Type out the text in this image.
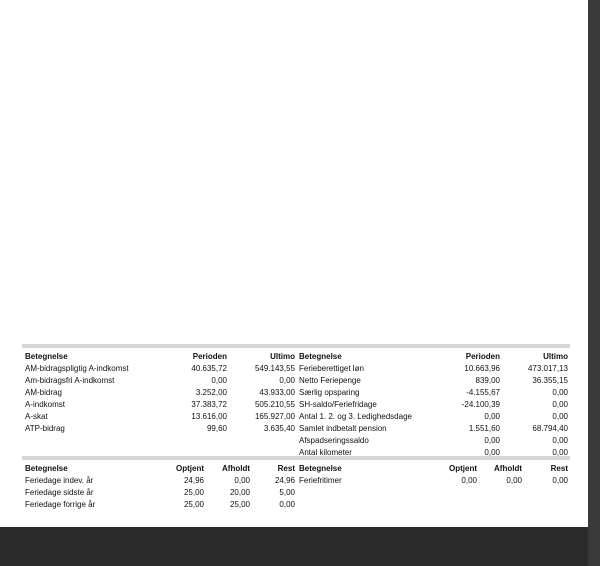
Betegnelse	Perioden	Ultimo Betegnelse	Perioden	Ultimo
AM-bidragspligtig A-indkomst	40.635,72	549.143,55
Am-bidragsfri A-indkomst	0,00	0,00
AM-bidrag	3.252,00	43.933,00
A-indkomst	37.383,72	505.210,55
A-skat	13.616,00	165.927,00
ATP-bidrag	99,60	3.635,40
Ferieberettiget løn	10.663,96	473.017,13
Netto Feriepenge	839,00	36.355,15
Særlig opsparing	-4.155,67	0,00
SH-saldo/Feriefridage	-24.100,39	0,00
Antal 1. 2. og 3. Ledighedsdage	0,00	0,00
Samlet indbetalt pension	1.551,60	68.794,40
Afspadseringssaldo	0,00	0,00
Antal kilometer	0,00	0,00
Betegnelse	Optjent	Afholdt	Rest Betegnelse	Optjent	Afholdt	Rest
Feriedage indev. år	24,96	0,00	24,96
Feriedage sidste år	25,00	20,00	5,00
Feriedage forrige år	25,00	25,00	0,00
Feriefritimer	0,00	0,00	0,00
